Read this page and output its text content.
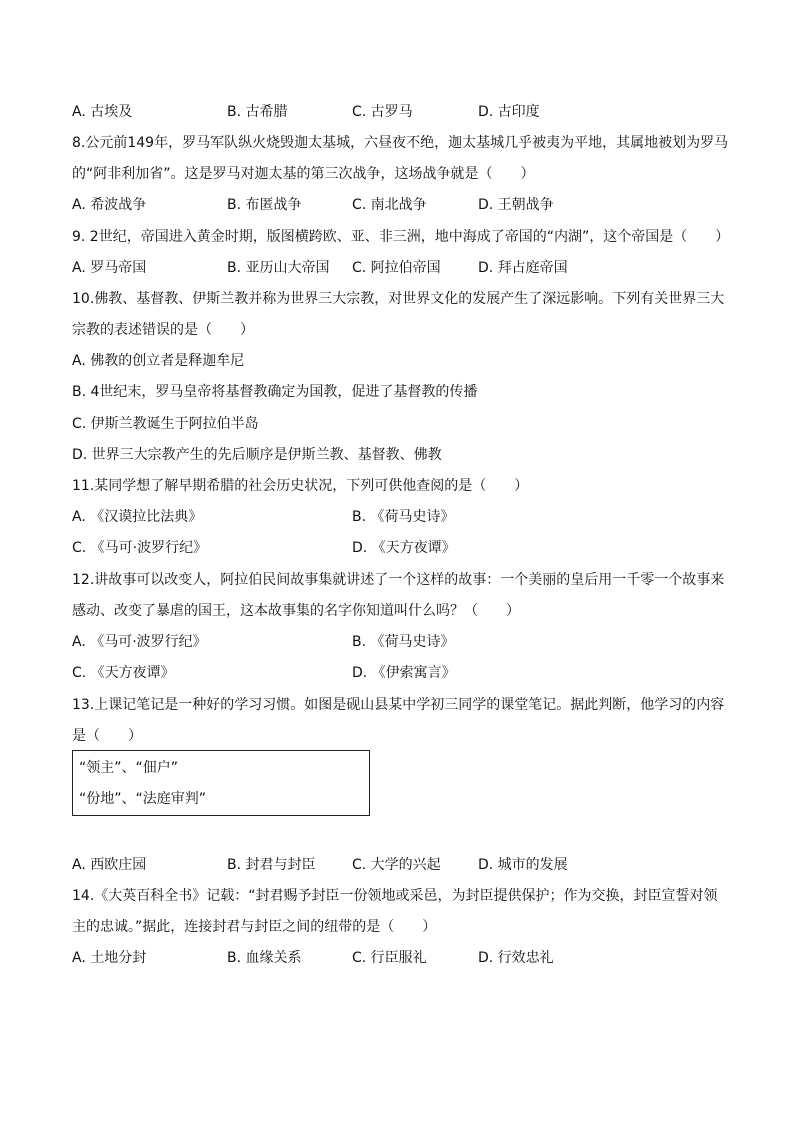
A. 古埃及	B. 古希腊	C. 古罗马	D. 古印度
8.公元前149年，罗马军队纵火烧毁迦太基城，六昼夜不绝，迦太基城几乎被夷为平地，其属地被划为罗马
的“阿非利加省”。这是罗马对迦太基的第三次战争，这场战争就是（　　）
A. 希波战争	B. 布匿战争	C. 南北战争	D. 王朝战争
9. 2世纪，帝国进入黄金时期，版图横跨欧、亚、非三洲，地中海成了帝国的“内湖”，这个帝国是（　　）
A. 罗马帝国	B. 亚历山大帝国 C. 阿拉伯帝国	D. 拜占庭帝国
10.佛教、基督教、伊斯兰教并称为世界三大宗教，对世界文化的发展产生了深远影响。下列有关世界三大
宗教的表述错误的是（　　）
A. 佛教的创立者是释迦牟尼
B. 4世纪末，罗马皇帝将基督教确定为国教，促进了基督教的传播
C. 伊斯兰教诞生于阿拉伯半岛
D. 世界三大宗教产生的先后顺序是伊斯兰教、基督教、佛教
11.某同学想了解早期希腊的社会历史状况，下列可供他查阅的是（　　）
A. 《汉谟拉比法典》	B. 《荷马史诗》
C. 《马可·波罗行纪》	D. 《天方夜谭》
12.讲故事可以改变人，阿拉伯民间故事集就讲述了一个这样的故事：一个美丽的皇后用一千零一个故事来
感动、改变了暴虐的国王，这本故事集的名字你知道叫什么吗？（　　）
A. 《马可·波罗行纪》	B. 《荷马史诗》
C. 《天方夜谭》	D. 《伊索寓言》
13.上课记笔记是一种好的学习习惯。如图是砚山县某中学初三同学的课堂笔记。据此判断，他学习的内容
是（　　）
“领主”、“佃户”
“份地”、“法庭审判”
A. 西欧庄园	B. 封君与封臣	C. 大学的兴起	D. 城市的发展
14.《大英百科全书》记载：“封君赐予封臣一份领地或采邑，为封臣提供保护；作为交换，封臣宣誓对领
主的忠诚。”据此，连接封君与封臣之间的纽带的是（　　）
A. 土地分封	B. 血缘关系	C. 行臣服礼	D. 行效忠礼
